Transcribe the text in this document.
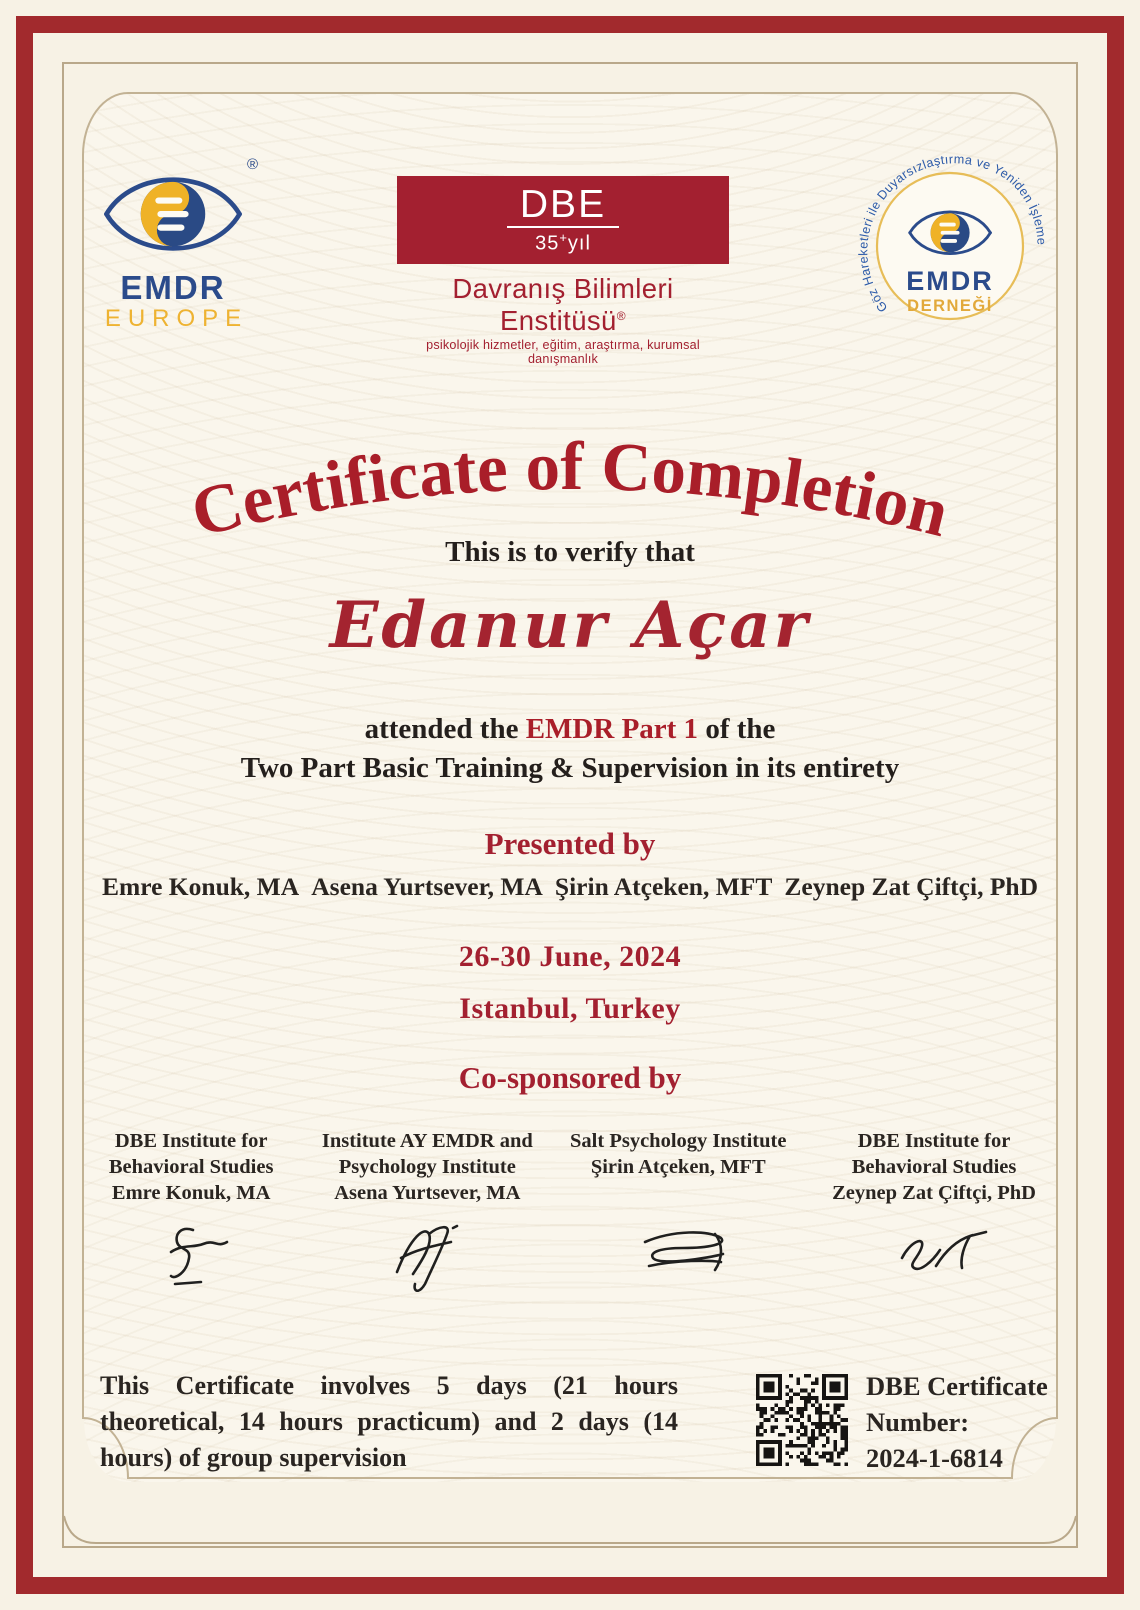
®
EMDR
EUROPE
DBE
35+yıl
Davranış Bilimleri Enstitüsü®
psikolojik hizmetler, eğitim, araştırma, kurumsal danışmanlık
Göz Hareketleri ile Duyarsızlaştırma ve Yeniden İşleme
EMDR
DERNEĞİ
Certificate of Completion
This is to verify that
Edanur Açar
attended the EMDR Part 1 of the
Two Part Basic Training & Supervision in its entirety
Presented by
Emre Konuk, MA Asena Yurtsever, MA Şirin Atçeken, MFT Zeynep Zat Çiftçi, PhD
26-30 June, 2024
Istanbul, Turkey
Co-sponsored by
DBE Institute for Behavioral Studies
Emre Konuk, MA
Institute AY EMDR and Psychology Institute
Asena Yurtsever, MA
Salt Psychology Institute
Şirin Atçeken, MFT
DBE Institute for Behavioral Studies
Zeynep Zat Çiftçi, PhD
This Certificate involves 5 days (21 hours theoretical, 14 hours practicum) and 2 days (14 hours) of group supervision
DBE Certificate Number:
2024-1-6814
